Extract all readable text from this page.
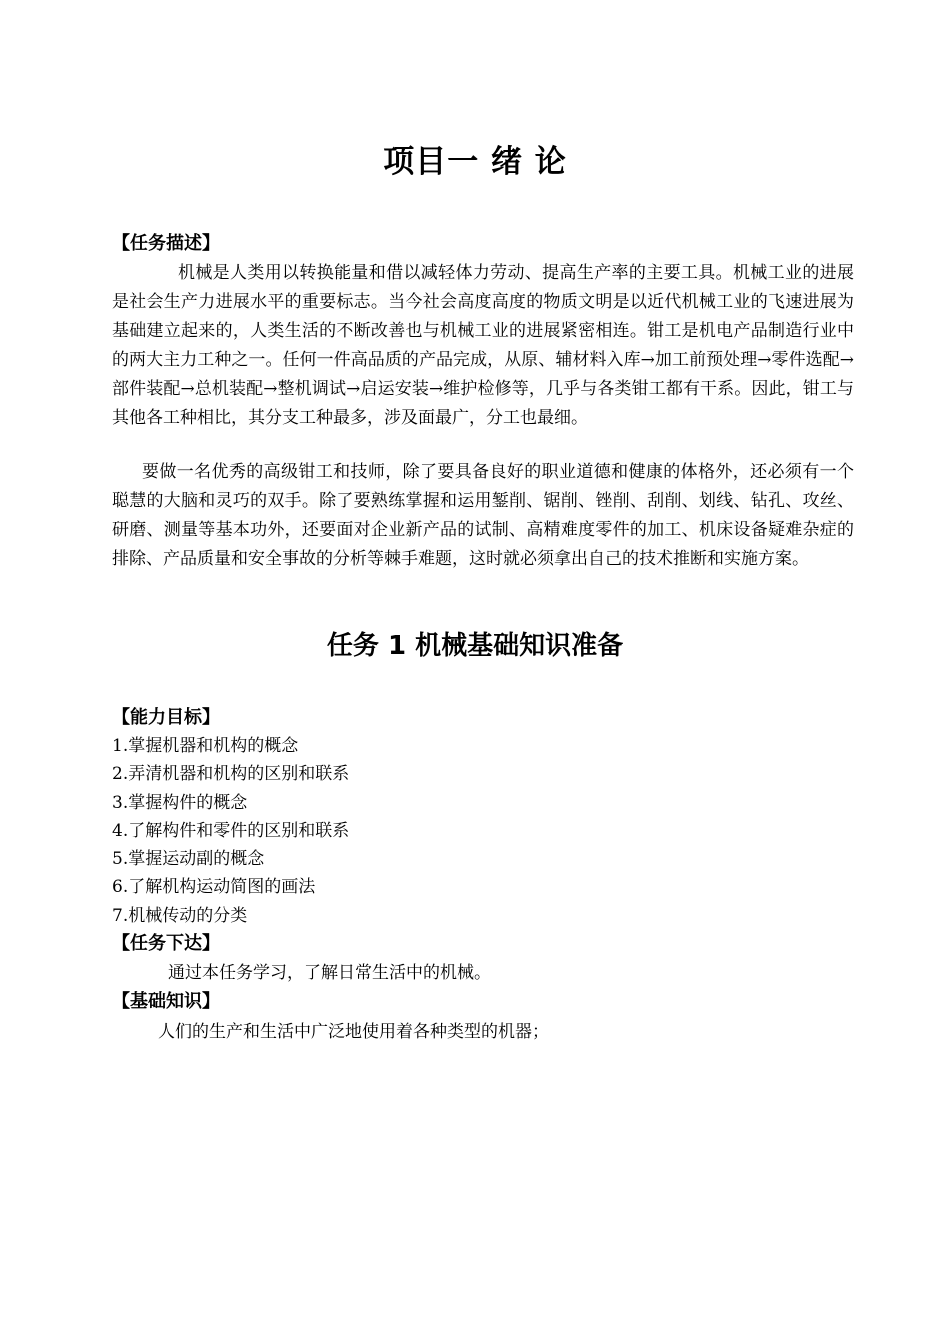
项目一 绪 论
【任务描述】

机械是人类用以转换能量和借以减轻体力劳动、提高生产率的主要工具。机械工业的进展是社会生产力进展水平的重要标志。当今社会高度高度的物质文明是以近代机械工业的飞速进展为基础建立起来的，人类生活的不断改善也与机械工业的进展紧密相连。钳工是机电产品制造行业中的两大主力工种之一。任何一件高品质的产品完成，从原、辅材料入库→加工前预处理→零件选配→部件装配→总机装配→整机调试→启运安装→维护检修等，几乎与各类钳工都有干系。因此，钳工与其他各工种相比，其分支工种最多，涉及面最广，分工也最细。

要做一名优秀的高级钳工和技师，除了要具备良好的职业道德和健康的体格外，还必须有一个聪慧的大脑和灵巧的双手。除了要熟练掌握和运用錾削、锯削、锉削、刮削、划线、钻孔、攻丝、研磨、测量等基本功外，还要面对企业新产品的试制、高精难度零件的加工、机床设备疑难杂症的排除、产品质量和安全事故的分析等棘手难题，这时就必须拿出自己的技术推断和实施方案。

任务 1 机械基础知识准备
【能力目标】
1.掌握机器和机构的概念
2.弄清机器和机构的区别和联系
3.掌握构件的概念
4.了解构件和零件的区别和联系
5.掌握运动副的概念
6.了解机构运动简图的画法
7.机械传动的分类
【任务下达】
通过本任务学习，了解日常生活中的机械。
【基础知识】
人们的生产和生活中广泛地使用着各种类型的机器；
